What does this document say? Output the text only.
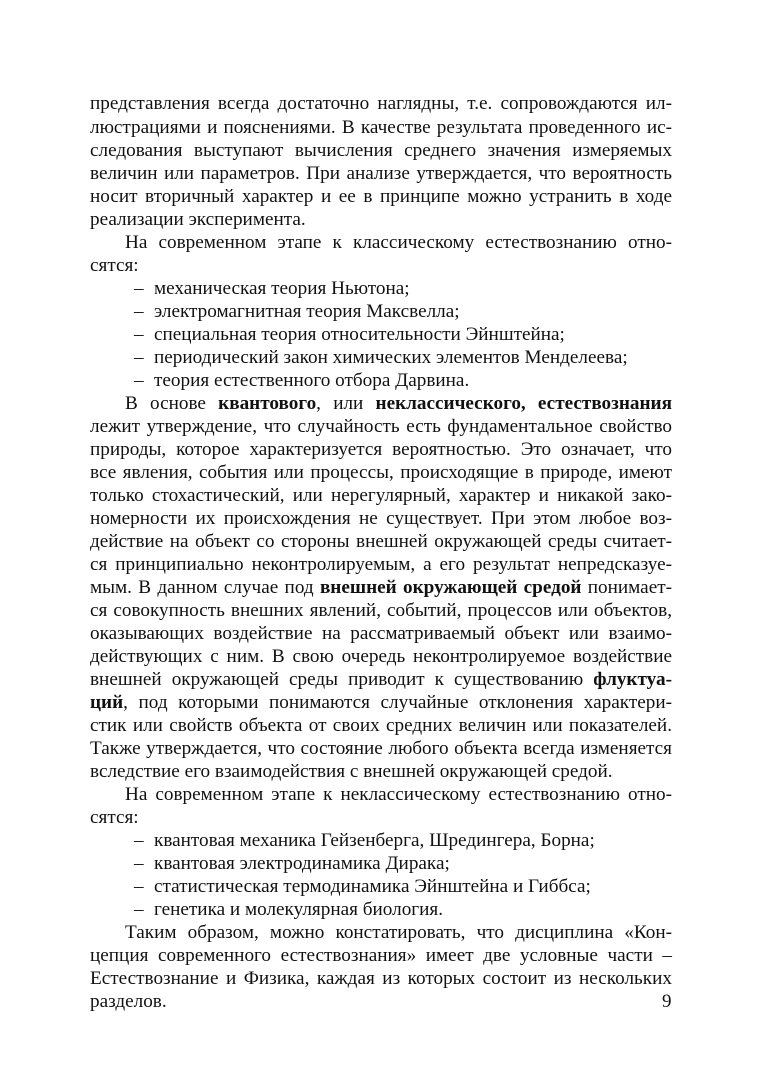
представления всегда достаточно наглядны, т.е. сопровождаются ил-
люстрациями и пояснениями. В качестве результата проведенного ис-
следования выступают вычисления среднего значения измеряемых
величин или параметров. При анализе утверждается, что вероятность
носит вторичный характер и ее в принципе можно устранить в ходе
реализации эксперимента.
На современном этапе к классическому естествознанию отно-
сятся:
– механическая теория Ньютона;
– электромагнитная теория Максвелла;
– специальная теория относительности Эйнштейна;
– периодический закон химических элементов Менделеева;
– теория естественного отбора Дарвина.
В основе квантового, или неклассического, естествознания
лежит утверждение, что случайность есть фундаментальное свойство
природы, которое характеризуется вероятностью. Это означает, что
все явления, события или процессы, происходящие в природе, имеют
только стохастический, или нерегулярный, характер и никакой зако-
номерности их происхождения не существует. При этом любое воз-
действие на объект со стороны внешней окружающей среды считает-
ся принципиально неконтролируемым, а его результат непредсказуе-
мым. В данном случае под внешней окружающей средой понимает-
ся совокупность внешних явлений, событий, процессов или объектов,
оказывающих воздействие на рассматриваемый объект или взаимо-
действующих с ним. В свою очередь неконтролируемое воздействие
внешней окружающей среды приводит к существованию флуктуа-
ций, под которыми понимаются случайные отклонения характери-
стик или свойств объекта от своих средних величин или показателей.
Также утверждается, что состояние любого объекта всегда изменяется
вследствие его взаимодействия с внешней окружающей средой.
На современном этапе к неклассическому естествознанию отно-
сятся:
– квантовая механика Гейзенберга, Шредингера, Борна;
– квантовая электродинамика Дирака;
– статистическая термодинамика Эйнштейна и Гиббса;
– генетика и молекулярная биология.
Таким образом, можно констатировать, что дисциплина «Кон-
цепция современного естествознания» имеет две условные части –
Естествознание и Физика, каждая из которых состоит из нескольких
разделов.	9
